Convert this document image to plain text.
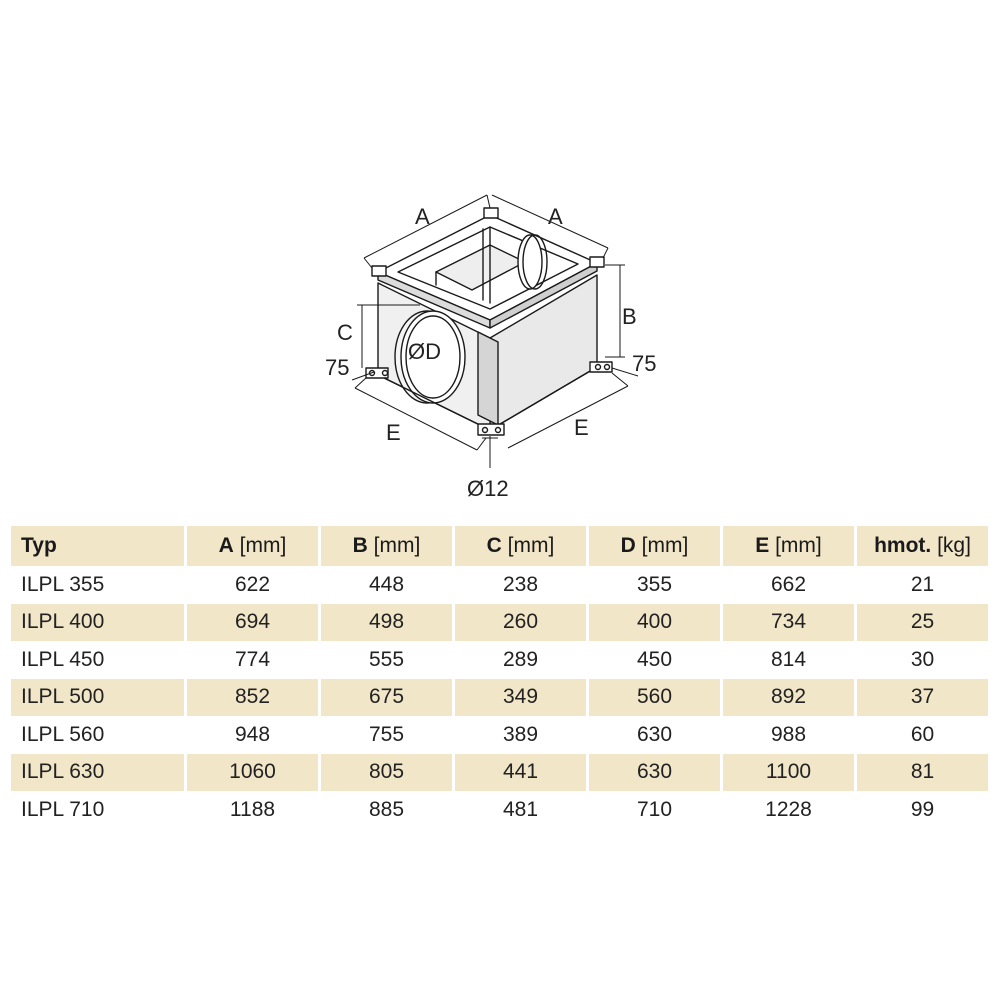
A	A
B
C
ØD
75	75
E	E
Ø12
Typ	A [mm]	B [mm]	C [mm]	D [mm]	E [mm]	hmot. [kg]
ILPL 355	622	448	238	355	662	21
ILPL 400	694	498	260	400	734	25
ILPL 450	774	555	289	450	814	30
ILPL 500	852	675	349	560	892	37
ILPL 560	948	755	389	630	988	60
ILPL 630	1060	805	441	630	1100	81
ILPL 710	1188	885	481	710	1228	99
